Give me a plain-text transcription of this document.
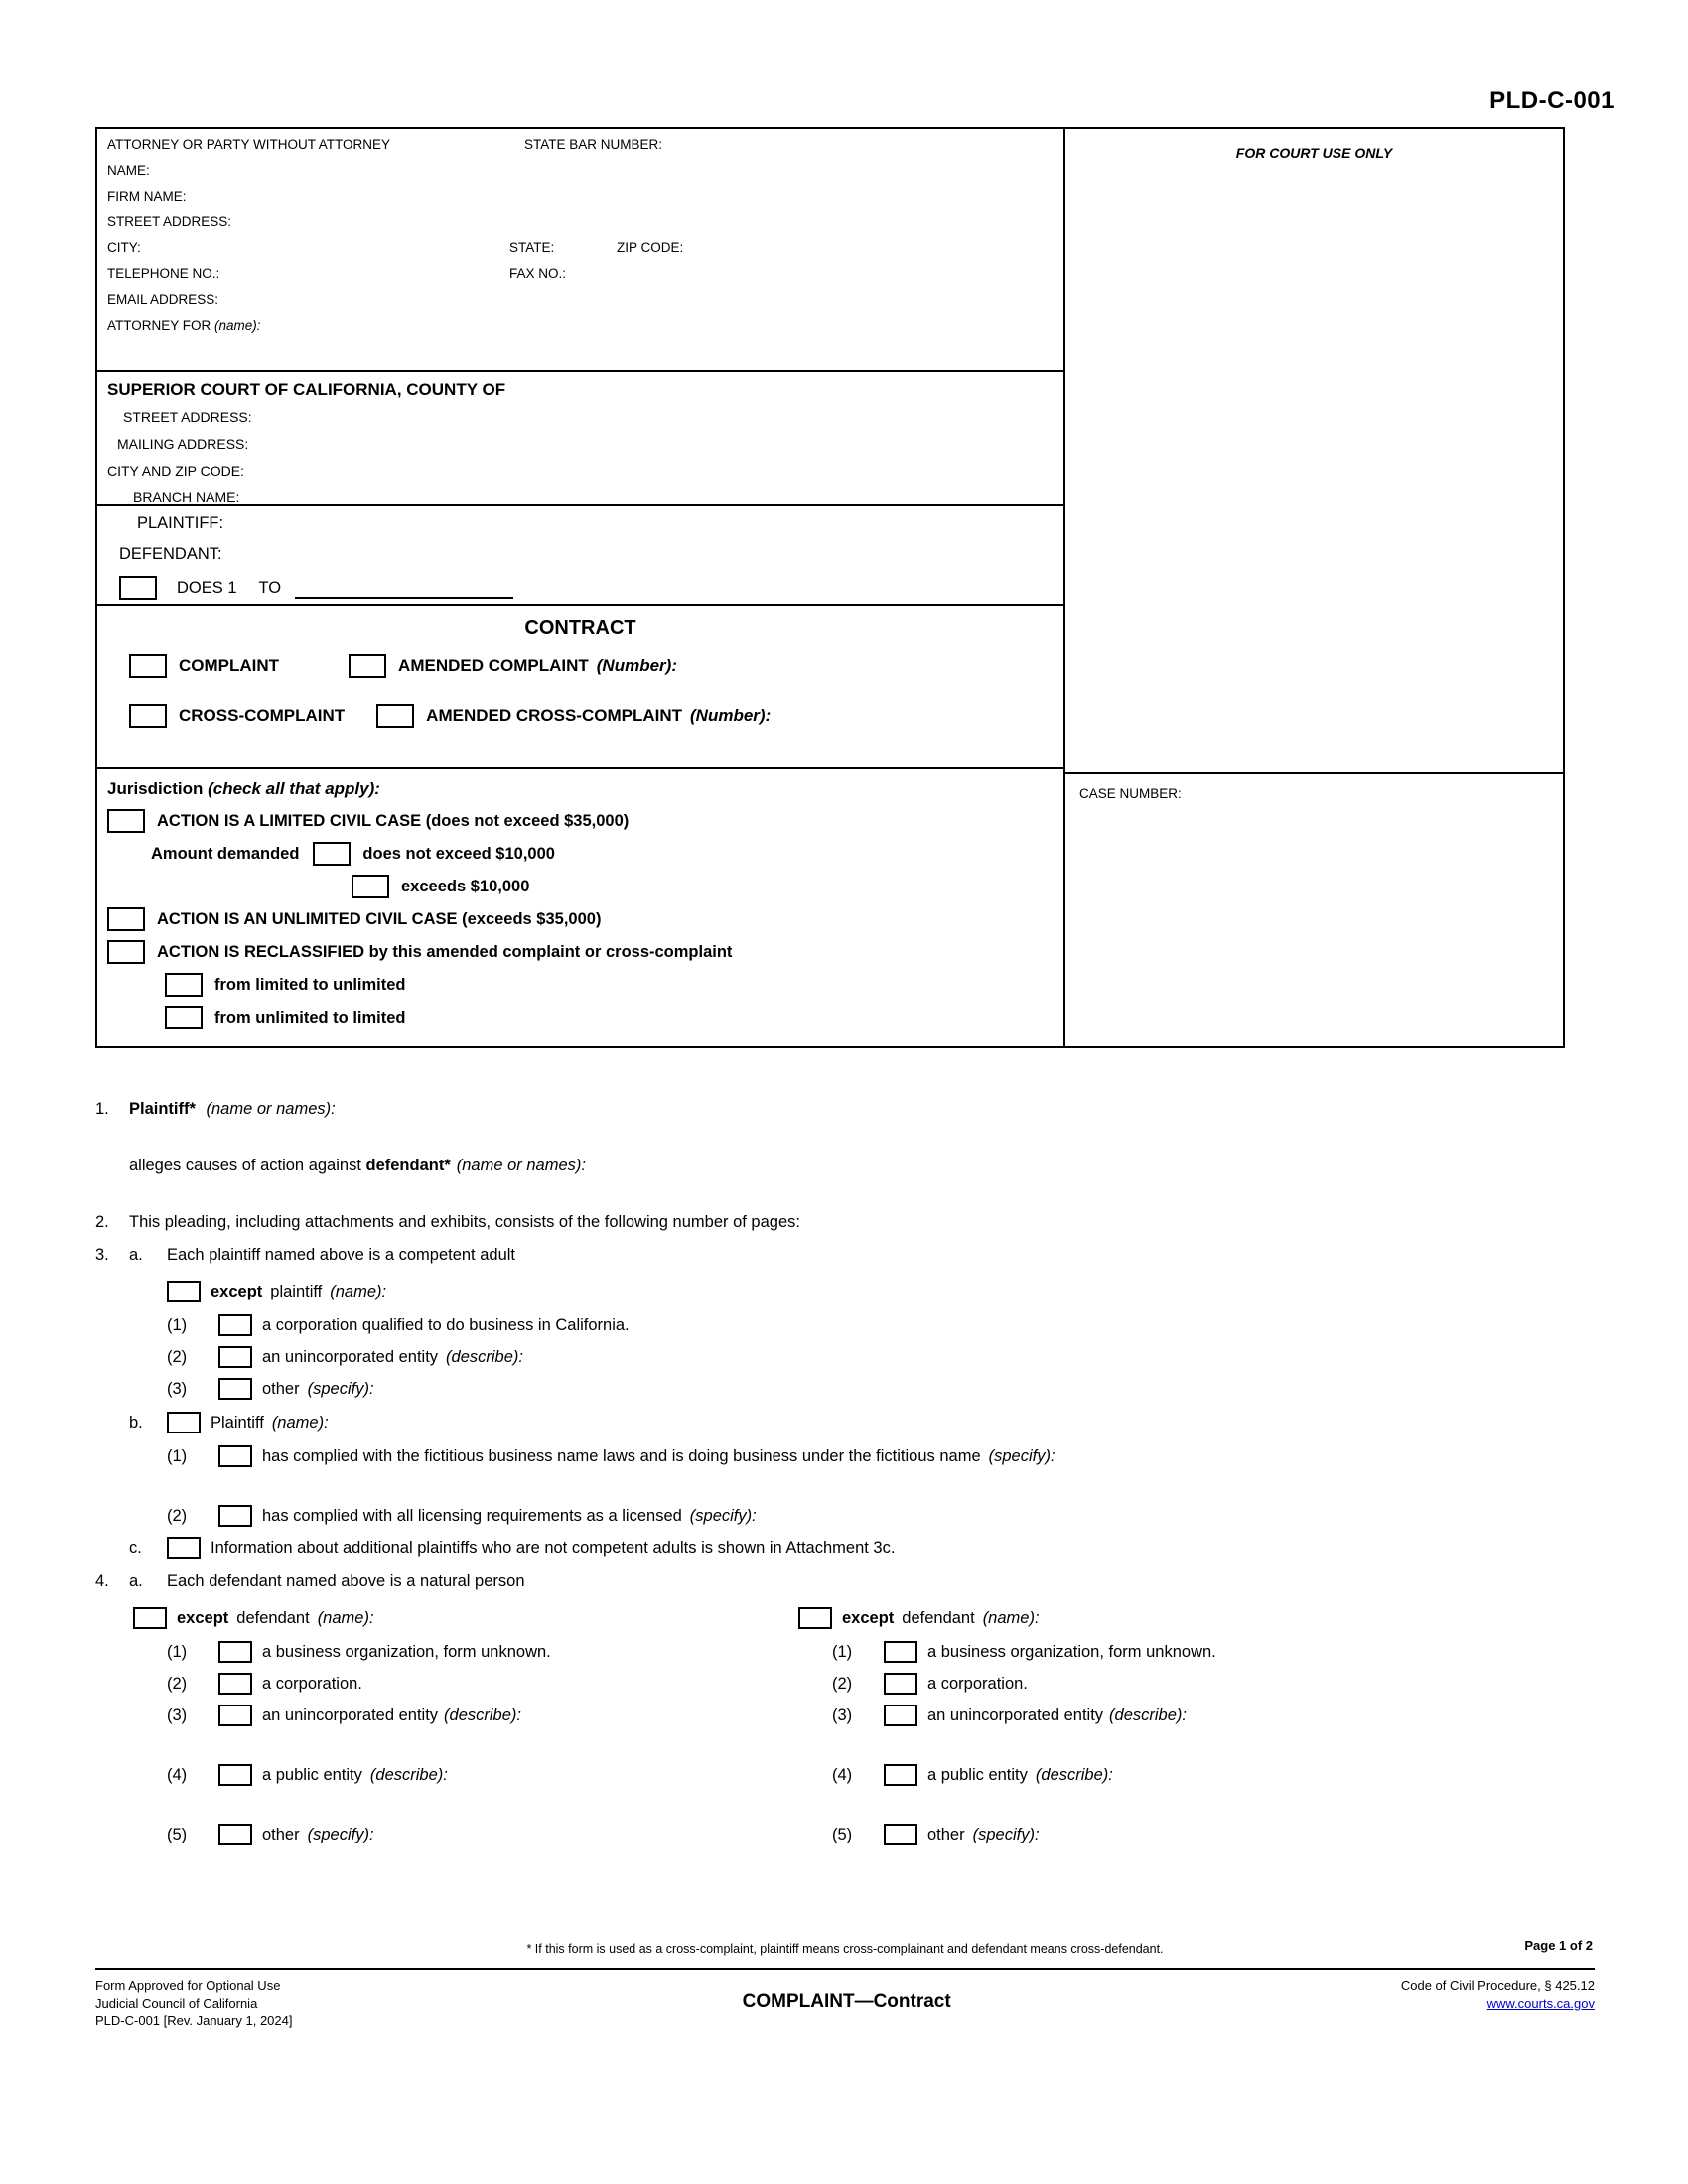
PLD-C-001
ATTORNEY OR PARTY WITHOUT ATTORNEY	STATE BAR NUMBER:
NAME:
FIRM NAME:
STREET ADDRESS:
CITY:	STATE:	ZIP CODE:
TELEPHONE NO.:	FAX NO.:
EMAIL ADDRESS:
ATTORNEY FOR (name):
SUPERIOR COURT OF CALIFORNIA, COUNTY OF
STREET ADDRESS:
MAILING ADDRESS:
CITY AND ZIP CODE:
BRANCH NAME:
PLAINTIFF:
DEFENDANT:
DOES 1 TO
CONTRACT
COMPLAINT	AMENDED COMPLAINT (Number):
CROSS-COMPLAINT	AMENDED CROSS-COMPLAINT (Number):
Jurisdiction (check all that apply):
ACTION IS A LIMITED CIVIL CASE (does not exceed $35,000)
Amount demanded	does not exceed $10,000
exceeds $10,000
ACTION IS AN UNLIMITED CIVIL CASE (exceeds $35,000)
ACTION IS RECLASSIFIED by this amended complaint or cross-complaint
from limited to unlimited
from unlimited to limited
FOR COURT USE ONLY
CASE NUMBER:
1.	Plaintiff* (name or names):
alleges causes of action against defendant* (name or names):
2.	This pleading, including attachments and exhibits, consists of the following number of pages:
3.	a.	Each plaintiff named above is a competent adult
except plaintiff (name):
(1)	a corporation qualified to do business in California.
(2)	an unincorporated entity (describe):
(3)	other (specify):
b.	Plaintiff (name):
(1)	has complied with the fictitious business name laws and is doing business under the fictitious name (specify):
(2)	has complied with all licensing requirements as a licensed (specify):
c.	Information about additional plaintiffs who are not competent adults is shown in Attachment 3c.
4.	a.	Each defendant named above is a natural person
except defendant (name):
(1)	a business organization, form unknown.
(2)	a corporation.
(3)	an unincorporated entity (describe):
(4)	a public entity (describe):
(5)	other (specify):
except defendant (name):
(1)	a business organization, form unknown.
(2)	a corporation.
(3)	an unincorporated entity (describe):
(4)	a public entity (describe):
(5)	other (specify):
* If this form is used as a cross-complaint, plaintiff means cross-complainant and defendant means cross-defendant.	Page 1 of 2
Form Approved for Optional Use
Judicial Council of California
PLD-C-001 [Rev. January 1, 2024]
COMPLAINT—Contract
Code of Civil Procedure, § 425.12
www.courts.ca.gov
